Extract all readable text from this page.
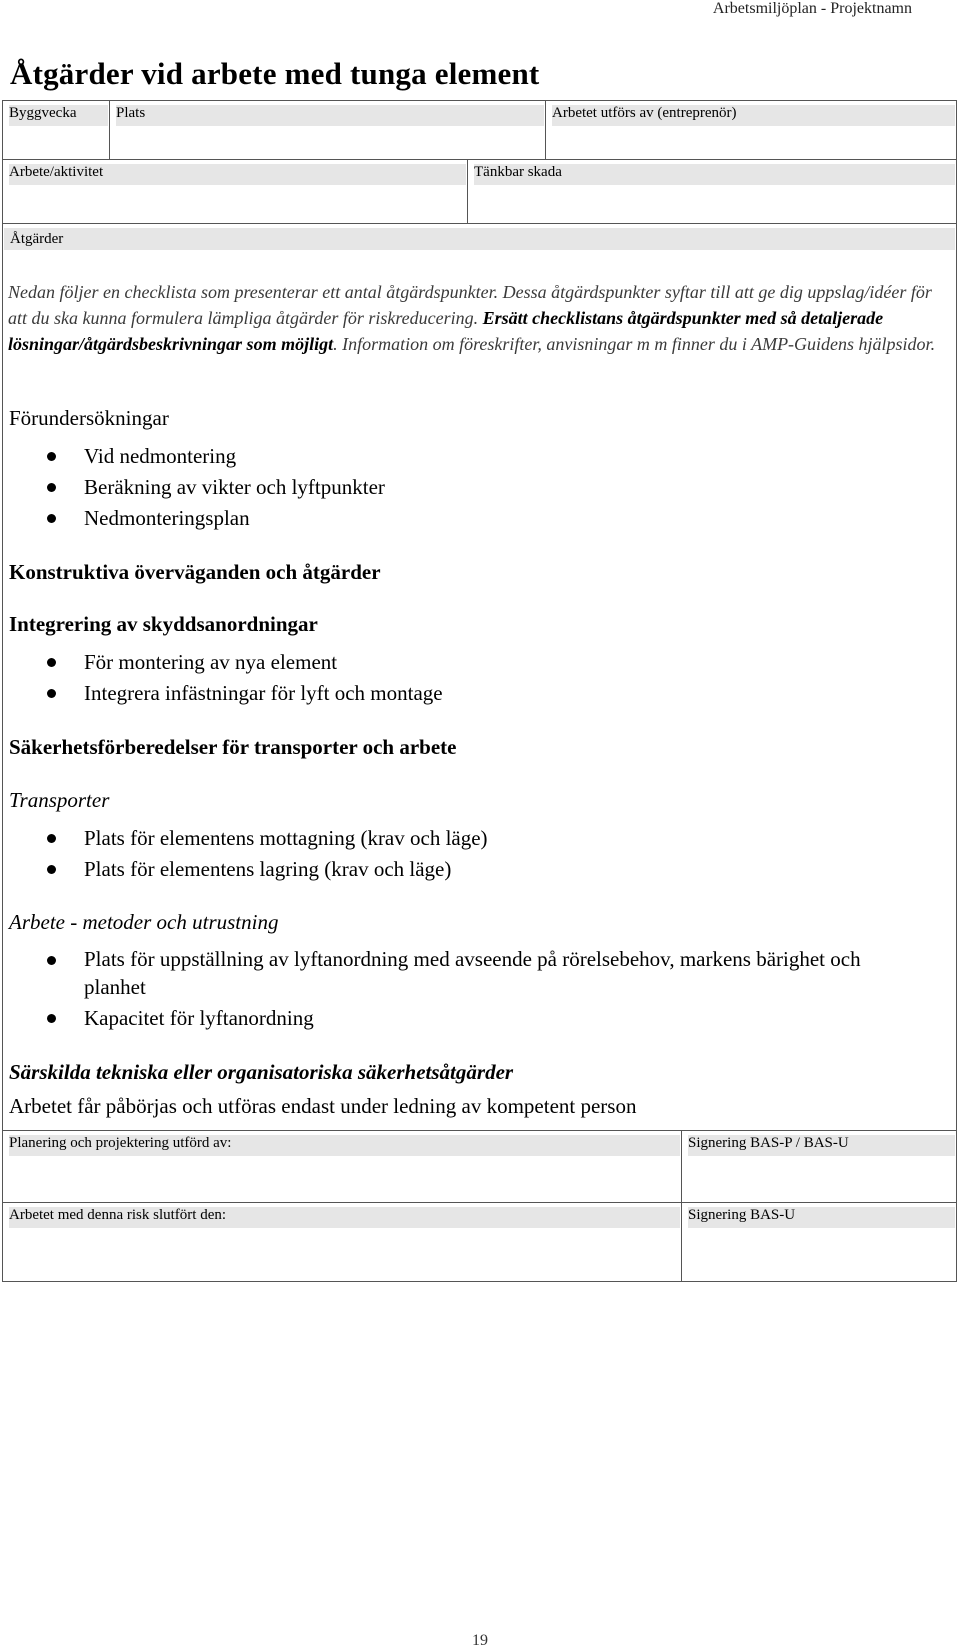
Arbetsmiljöplan - Projektnamn
Åtgärder vid arbete med tunga element
Byggvecka	Plats	Arbetet utförs av (entreprenör)
Arbete/aktivitet	Tänkbar skada
Åtgärder
Planering och projektering utförd av:	Signering BAS-P / BAS-U
Arbetet med denna risk slutfört den:	Signering BAS-U
Nedan följer en checklista som presenterar ett antal åtgärdspunkter. Dessa åtgärdspunkter syftar till att ge dig uppslag/idéer för att du ska kunna formulera lämpliga åtgärder för riskreducering. Ersätt checklistans åtgärdspunkter med så detaljerade lösningar/åtgärdsbeskrivningar som möjligt. Information om föreskrifter, anvisningar m m finner du i AMP-Guidens hjälpsidor.
Förundersökningar
Vid nedmontering
Beräkning av vikter och lyftpunkter
Nedmonteringsplan
Konstruktiva överväganden och åtgärder
Integrering av skyddsanordningar
För montering av nya element
Integrera infästningar för lyft och montage
Säkerhetsförberedelser för transporter och arbete
Transporter
Plats för elementens mottagning (krav och läge)
Plats för elementens lagring (krav och läge)
Arbete - metoder och utrustning
Plats för uppställning av lyftanordning med avseende på rörelsebehov, markens bärighet och planhet
Kapacitet för lyftanordning
Särskilda tekniska eller organisatoriska säkerhetsåtgärder

Arbetet får påbörjas och utföras endast under ledning av kompetent person

19
